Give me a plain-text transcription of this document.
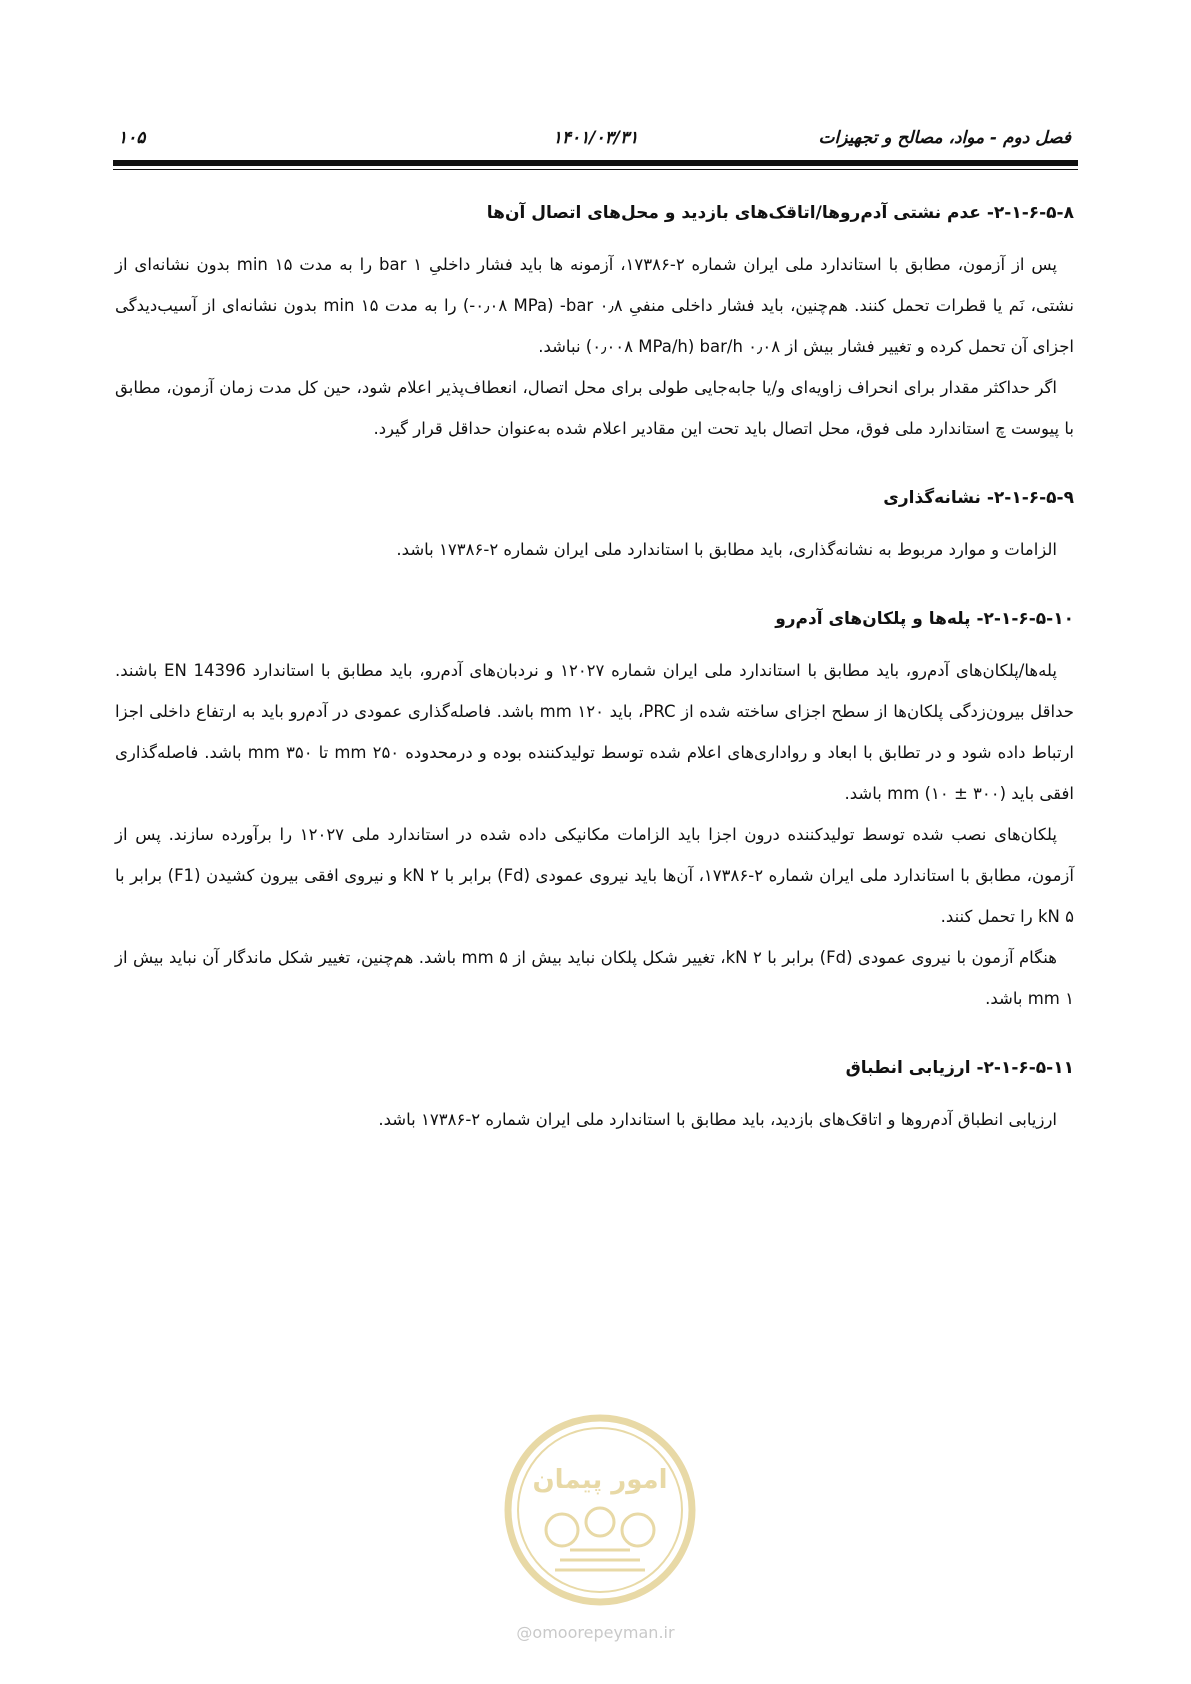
فصل دوم - مواد، مصالح و تجهیزات
۱۴۰۱/۰۳/۳۱
۱۰۵
۲-۱-۶-۵-۸- عدم نشتی آدم‌روها/اتاقک‌های بازدید و محل‌های اتصال آن‌ها

پس از آزمون، مطابق با استاندارد ملی ایران شماره ۲-۱۷۳۸۶، آزمونه ها باید فشار داخلیِ ۱ bar را به مدت ۱۵ min بدون نشانه‌ای از نشتی، نَم یا قطرات تحمل کنند. هم‌چنین، باید فشار داخلی منفیِ ۰٫۸ bar- (۰٫۰۸ MPa-) را به مدت ۱۵ min بدون نشانه‌ای از آسیب‌دیدگی اجزای آن تحمل کرده و تغییر فشار بیش از ۰٫۰۸ bar/h (۰٫۰۰۸ MPa/h) نباشد.

اگر حداکثر مقدار برای انحراف زاویه‌ای و/یا جابه‌جایی طولی برای محل اتصال، انعطاف‌پذیر اعلام شود، حین کل مدت زمان آزمون، مطابق با پیوست چ استاندارد ملی فوق، محل اتصال باید تحت این مقادیر اعلام شده به‌عنوان حداقل قرار گیرد.

۲-۱-۶-۵-۹- نشانه‌گذاری

الزامات و موارد مربوط به نشانه‌گذاری، باید مطابق با استاندارد ملی ایران شماره ۲-۱۷۳۸۶ باشد.

۲-۱-۶-۵-۱۰- پله‌ها و پلکان‌های آدم‌رو

پله‌ها/پلکان‌های آدم‌رو، باید مطابق با استاندارد ملی ایران شماره ۱۲۰۲۷ و نردبان‌های آدم‌رو، باید مطابق با استاندارد EN 14396 باشند. حداقل بیرون‌زدگی پلکان‌ها از سطح اجزای ساخته شده از PRC، باید ۱۲۰ mm باشد. فاصله‌گذاری عمودی در آدم‌رو باید به ارتفاع داخلی اجزا ارتباط داده شود و در تطابق با ابعاد و رواداری‌های اعلام شده توسط تولیدکننده بوده و درمحدوده ۲۵۰ mm تا ۳۵۰ mm باشد. فاصله‌گذاری افقی باید (۳۰۰ ± ۱۰) mm باشد.

پلکان‌های نصب شده توسط تولیدکننده درون اجزا باید الزامات مکانیکی داده شده در استاندارد ملی ۱۲۰۲۷ را برآورده سازند. پس از آزمون، مطابق با استاندارد ملی ایران شماره ۲-۱۷۳۸۶، آن‌ها باید نیروی عمودی (Fd) برابر با ۲ kN و نیروی افقی بیرون کشیدن (F1) برابر با ۵ kN را تحمل کنند.

هنگام آزمون با نیروی عمودی (Fd) برابر با ۲ kN، تغییر شکل پلکان نباید بیش از ۵ mm باشد. هم‌چنین، تغییر شکل ماندگار آن نباید بیش از ۱ mm باشد.

۲-۱-۶-۵-۱۱- ارزیابی انطباق

ارزیابی انطباق آدم‌روها و اتاقک‌های بازدید، باید مطابق با استاندارد ملی ایران شماره ۲-۱۷۳۸۶ باشد.

امور پیمان
@omoorepeyman.ir
